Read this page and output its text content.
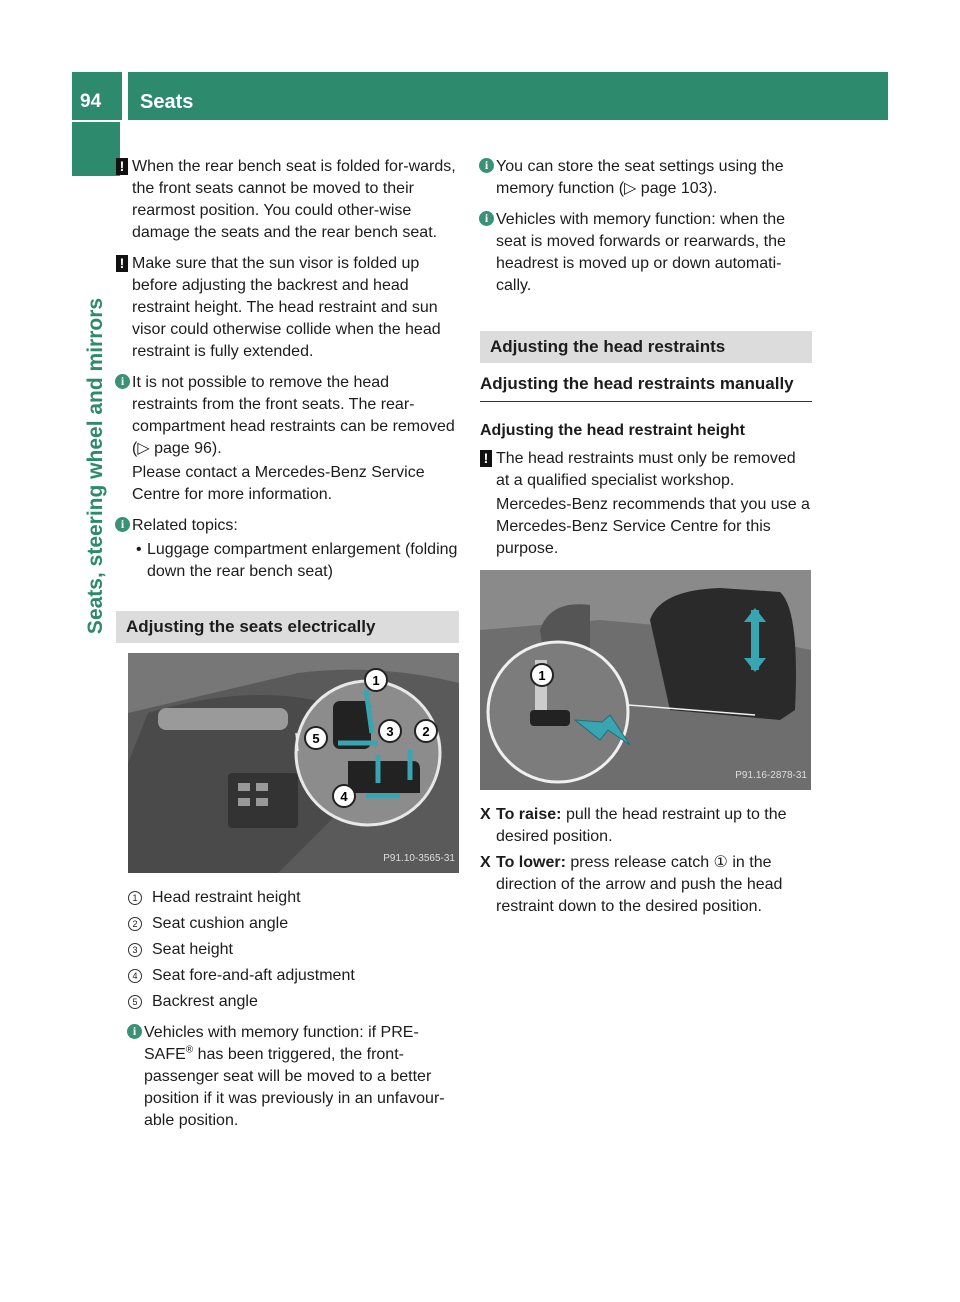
94 Seats
Seats, steering wheel and mirrors

! When the rear bench seat is folded for-wards, the front seats cannot be moved to their rearmost position. You could other-wise damage the seats and the rear bench seat.

! Make sure that the sun visor is folded up before adjusting the backrest and head restraint height. The head restraint and sun visor could otherwise collide when the head restraint is fully extended.

i It is not possible to remove the head restraints from the front seats. The rear-compartment head restraints can be removed (▷ page 96).

Please contact a Mercedes-Benz Service Centre for more information.

i Related topics:

• Luggage compartment enlargement (folding down the rear bench seat)

Adjusting the seats electrically
1
2
3
4
5
P91.10-3565-31
1 Head restraint height
2 Seat cushion angle
3 Seat height
4 Seat fore-and-aft adjustment
5 Backrest angle

i Vehicles with memory function: if PRE-SAFE® has been triggered, the front-passenger seat will be moved to a better position if it was previously in an unfavour-able position.

i You can store the seat settings using the memory function (▷ page 103).

i Vehicles with memory function: when the seat is moved forwards or rearwards, the headrest is moved up or down automati-cally.

Adjusting the head restraints
Adjusting the head restraints manually
Adjusting the head restraint height

! The head restraints must only be removed at a qualified specialist workshop.

Mercedes-Benz recommends that you use a Mercedes-Benz Service Centre for this purpose.

1
P91.16-2878-31

X To raise: pull the head restraint up to the desired position.

X To lower: press release catch ① in the direction of the arrow and push the head restraint down to the desired position.
